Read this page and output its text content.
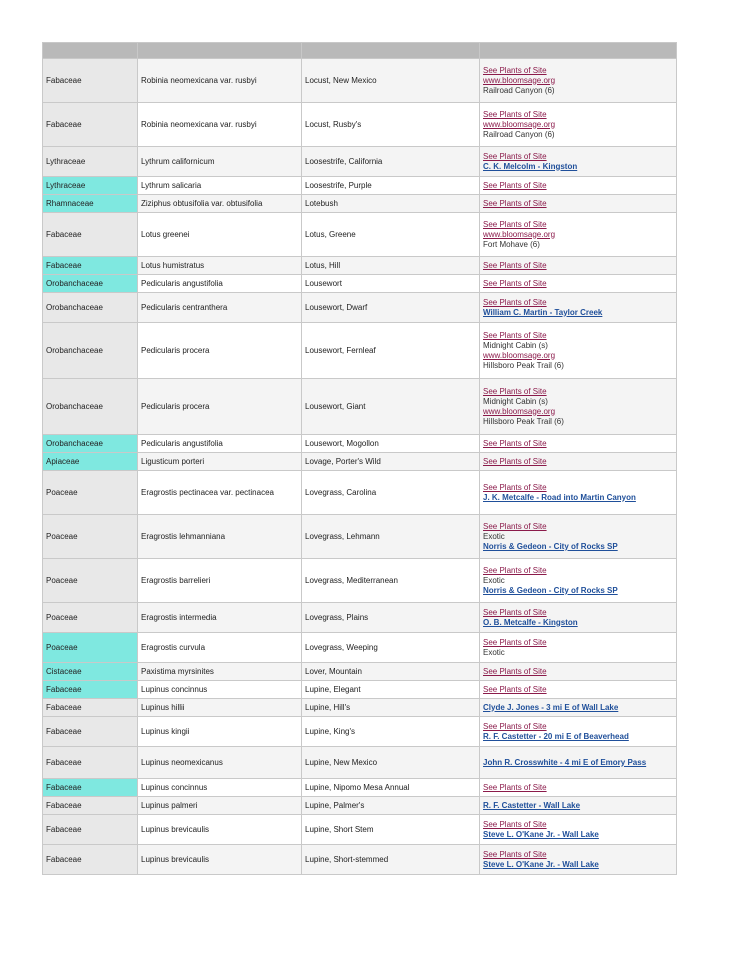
Fabaceae	Robinia neomexicana var. rusbyi	Locust, New Mexico	See Plants of Site
www.bloomsage.org
Railroad Canyon (6)

Fabaceae	Robinia neomexicana var. rusbyi	Locust, Rusby's	See Plants of Site
www.bloomsage.org
Railroad Canyon (6)

Lythraceae	Lythrum californicum	Loosestrife, California	See Plants of Site
C. K. Melcolm - Kingston

Lythraceae	Lythrum salicaria	Loosestrife, Purple	See Plants of Site

Rhamnaceae	Ziziphus obtusifolia var. obtusifolia	Lotebush	See Plants of Site

Fabaceae	Lotus greenei	Lotus, Greene	See Plants of Site
www.bloomsage.org
Fort Mohave (6)

Fabaceae	Lotus humistratus	Lotus, Hill	See Plants of Site

Orobanchaceae	Pedicularis angustifolia	Lousewort	See Plants of Site

Orobanchaceae	Pedicularis centranthera	Lousewort, Dwarf	See Plants of Site
William C. Martin - Taylor Creek

Orobanchaceae	Pedicularis procera	Lousewort, Fernleaf	See Plants of Site
Midnight Cabin (s)
www.bloomsage.org
Hillsboro Peak Trail (6)

Orobanchaceae	Pedicularis procera	Lousewort, Giant	See Plants of Site
Midnight Cabin (s)
www.bloomsage.org
Hillsboro Peak Trail (6)

Orobanchaceae	Pedicularis angustifolia	Lousewort, Mogollon	See Plants of Site

Apiaceae	Ligusticum porteri	Lovage, Porter's Wild	See Plants of Site

Poaceae	Eragrostis pectinacea var. pectinacea	Lovegrass, Carolina	See Plants of Site
J. K. Metcalfe - Road into Martin Canyon

Poaceae	Eragrostis lehmanniana	Lovegrass, Lehmann	See Plants of Site
Exotic
Norris & Gedeon - City of Rocks SP

Poaceae	Eragrostis barrelieri	Lovegrass, Mediterranean	See Plants of Site
Exotic
Norris & Gedeon - City of Rocks SP

Poaceae	Eragrostis intermedia	Lovegrass, Plains	See Plants of Site
O. B. Metcalfe - Kingston

Poaceae	Eragrostis curvula	Lovegrass, Weeping	See Plants of Site
Exotic

Cistaceae	Paxistima myrsinites	Lover, Mountain	See Plants of Site

Fabaceae	Lupinus concinnus	Lupine, Elegant	See Plants of Site

Fabaceae	Lupinus hillii	Lupine, Hill's	Clyde J. Jones - 3 mi E of Wall Lake

Fabaceae	Lupinus kingii	Lupine, King's	See Plants of Site
R. F. Castetter - 20 mi E of Beaverhead

Fabaceae	Lupinus neomexicanus	Lupine, New Mexico	John R. Crosswhite - 4 mi E of Emory Pass

Fabaceae	Lupinus concinnus	Lupine, Nipomo Mesa Annual	See Plants of Site

Fabaceae	Lupinus palmeri	Lupine, Palmer's	R. F. Castetter - Wall Lake

Fabaceae	Lupinus brevicaulis	Lupine, Short Stem	See Plants of Site
Steve L. O'Kane Jr. - Wall Lake

Fabaceae	Lupinus brevicaulis	Lupine, Short-stemmed	See Plants of Site
Steve L. O'Kane Jr. - Wall Lake
